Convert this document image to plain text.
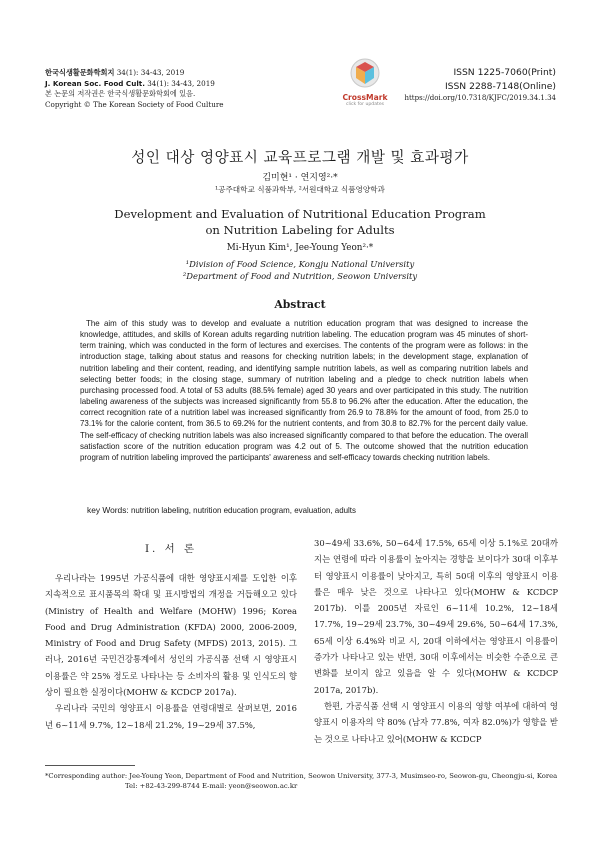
한국식생활문화학회지 34(1): 34-43, 2019
J. Korean Soc. Food Cult. 34(1): 34-43, 2019
본 논문의 저작권은 한국식생활문화학회에 있음.
Copyright © The Korean Society of Food Culture
CrossMark
click for updates
ISSN 1225-7060(Print)
ISSN 2288-7148(Online)
https://doi.org/10.7318/KJFC/2019.34.1.34
성인 대상 영양표시 교육프로그램 개발 및 효과평가
김미현¹ · 연지영²·*
¹공주대학교 식품과학부, ²서원대학교 식품영양학과
Development and Evaluation of Nutritional Education Program
on Nutrition Labeling for Adults
Mi-Hyun Kim¹, Jee-Young Yeon²·*
¹Division of Food Science, Kongju National University
²Department of Food and Nutrition, Seowon University
Abstract

The aim of this study was to develop and evaluate a nutrition education program that was designed to increase the knowledge, attitudes, and skills of Korean adults regarding nutrition labeling. The education program was 45 minutes of short-term training, which was conducted in the form of lectures and exercises. The contents of the program were as follows: in the introduction stage, talking about status and reasons for checking nutrition labels; in the development stage, explanation of nutrition labeling and their content, reading, and identifying sample nutrition labels, as well as comparing nutrition labels and selecting better foods; in the closing stage, summary of nutrition labeling and a pledge to check nutrition labels when purchasing processed food. A total of 53 adults (88.5% female) aged 30 years and over participated in this study. The nutrition labeling awareness of the subjects was increased significantly from 55.8 to 96.2% after the education. After the education, the correct recognition rate of a nutrition label was increased significantly from 26.9 to 78.8% for the amount of food, from 25.0 to 73.1% for the calorie content, from 36.5 to 69.2% for the nutrient contents, and from 30.8 to 82.7% for the percent daily value. The self-efficacy of checking nutrition labels was also increased significantly compared to that before the education. The overall satisfaction score of the nutrition education program was 4.2 out of 5. The outcome showed that the nutrition education program of nutrition labeling improved the participants' awareness and self-efficacy towards checking nutrition labels.

key Words: nutrition labeling, nutrition education program, evaluation, adults
Ⅰ. 서 론

우리나라는 1995년 가공식품에 대한 영양표시제를 도입한 이후 지속적으로 표시품목의 확대 및 표시방법의 개정을 거듭해오고 있다(Ministry of Health and Welfare (MOHW) 1996; Korea Food and Drug Administration (KFDA) 2000, 2006-2009, Ministry of Food and Drug Safety (MFDS) 2013, 2015). 그러나, 2016년 국민건강통계에서 성인의 가공식품 선택 시 영양표시 이용률은 약 25% 정도로 나타나는 등 소비자의 활용 및 인식도의 향상이 필요한 실정이다(MOHW & KCDCP 2017a).

우리나라 국민의 영양표시 이용률을 연령대별로 살펴보면, 2016년 6~11세 9.7%, 12~18세 21.2%, 19~29세 37.5%,

30~49세 33.6%, 50~64세 17.5%, 65세 이상 5.1%로 20대까지는 연령에 따라 이용률이 높아지는 경향을 보이다가 30대 이후부터 영양표시 이용률이 낮아지고, 특히 50대 이후의 영양표시 이용률은 매우 낮은 것으로 나타나고 있다(MOHW & KCDCP 2017b). 이를 2005년 자료인 6~11세 10.2%, 12~18세 17.7%, 19~29세 23.7%, 30~49세 29.6%, 50~64세 17.3%, 65세 이상 6.4%와 비교 시, 20대 이하에서는 영양표시 이용률이 증가가 나타나고 있는 반면, 30대 이후에서는 비슷한 수준으로 큰 변화를 보이지 않고 있음을 알 수 있다(MOHW & KCDCP 2017a, 2017b).

한편, 가공식품 선택 시 영양표시 이용의 영향 여부에 대하여 영양표시 이용자의 약 80% (남자 77.8%, 여자 82.0%)가 영향을 받는 것으로 나타나고 있어(MOHW & KCDCP

*Corresponding author: Jee-Young Yeon, Department of Food and Nutrition, Seowon University, 377-3, Musimseo-ro, Seowon-gu, Cheongju-si, Korea
Tel: +82-43-299-8744 E-mail: yeon@seowon.ac.kr
